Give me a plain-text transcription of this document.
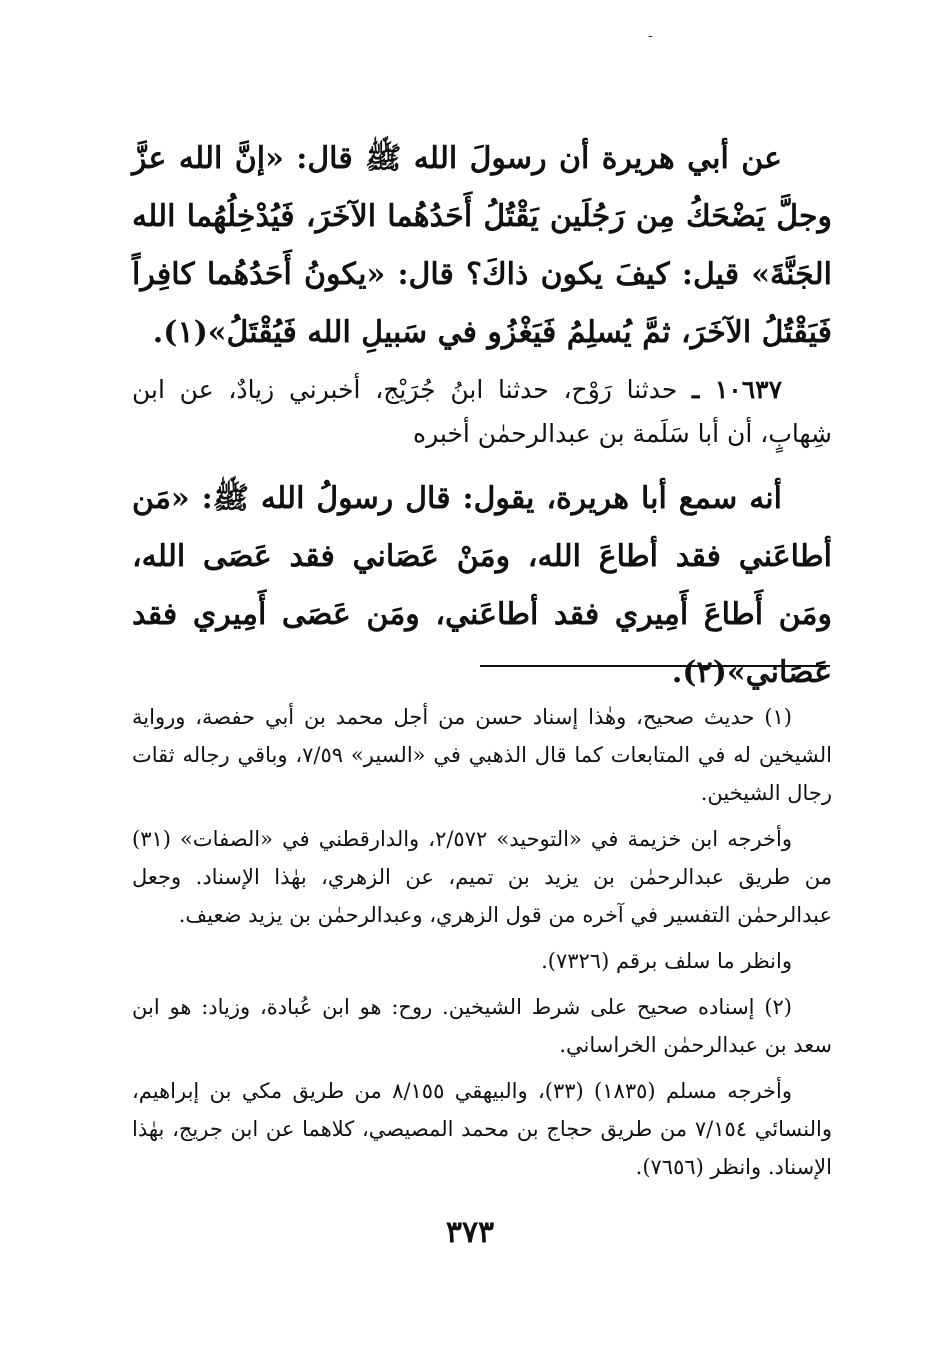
-

عن أبي هريرة أن رسولَ الله ﷺ قال: «إنَّ الله عزَّ وجلَّ يَضْحَكُ مِن رَجُلَين يَقْتُلُ أَحَدُهُما الآخَرَ، فَيُدْخِلُهُما الله الجَنَّةَ» قيل: كيفَ يكون ذاكَ؟ قال: «يكونُ أَحَدُهُما كافِراً فَيَقْتُلُ الآخَرَ، ثمَّ يُسلِمُ فَيَغْزُو في سَبيلِ الله فَيُقْتَلُ»(١).

١٠٦٣٧ ـ حدثنا رَوْح، حدثنا ابنُ جُرَيْج، أخبرني زيادٌ، عن ابن شِهابٍ، أن أبا سَلَمة بن عبدالرحمٰن أخبره

أنه سمع أبا هريرة، يقول: قال رسولُ الله ﷺ: «مَن أطاعَني فقد أطاعَ الله، ومَنْ عَصَاني فقد عَصَى الله، ومَن أَطاعَ أَمِيري فقد أطاعَني، ومَن عَصَى أَمِيري فقد عَصَاني»(٢).

(١) حديث صحيح، وهٰذا إسناد حسن من أجل محمد بن أبي حفصة، ورواية الشيخين له في المتابعات كما قال الذهبي في «السير» ٧/٥٩، وباقي رجاله ثقات رجال الشيخين.

وأخرجه ابن خزيمة في «التوحيد» ٢/٥٧٢، والدارقطني في «الصفات» (٣١) من طريق عبدالرحمٰن بن يزيد بن تميم، عن الزهري، بهٰذا الإسناد. وجعل عبدالرحمٰن التفسير في آخره من قول الزهري، وعبدالرحمٰن بن يزيد ضعيف.

وانظر ما سلف برقم (٧٣٢٦).

(٢) إسناده صحيح على شرط الشيخين. روح: هو ابن عُبادة، وزياد: هو ابن سعد بن عبدالرحمٰن الخراساني.

وأخرجه مسلم (١٨٣٥) (٣٣)، والبيهقي ٨/١٥٥ من طريق مكي بن إبراهيم، والنسائي ٧/١٥٤ من طريق حجاج بن محمد المصيصي، كلاهما عن ابن جريج، بهٰذا الإسناد. وانظر (٧٦٥٦).

٣٧٣
